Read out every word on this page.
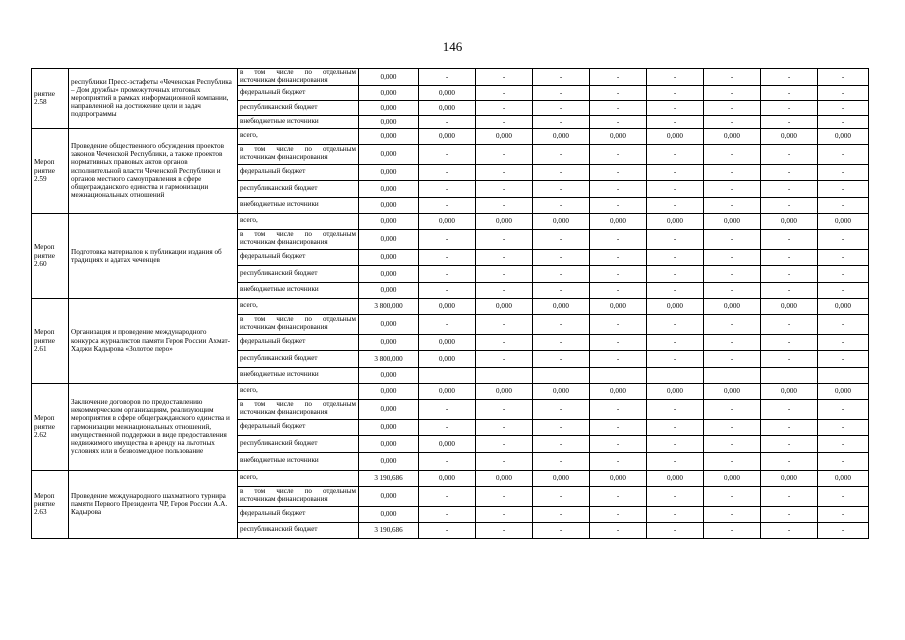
146
риятие 2.58	республики Пресс-эстафеты «Чеченская Республика – Дом дружбы» промежуточных итоговых мероприятий в рамках информационной компании, направленной на достижение цели и задач подпрограммы	в том числе по отдельным источникам финансирования	0,000	-	-	-	-	-	-	-	-
		федеральный бюджет	0,000	0,000	-	-	-	-	-	-	-
		республиканский бюджет	0,000	0,000	-	-	-	-	-	-	-
		внебюджетные источники	0,000	-	-	-	-	-	-	-	-
Мероп риятие 2.59	Проведение общественного обсуждения проектов законов Чеченской Республики, а также проектов нормативных правовых актов органов исполнительной власти Чеченской Республики и органов местного самоуправления в сфере общегражданского единства и гармонизации межнациональных отношений	всего,	0,000	0,000	0,000	0,000	0,000	0,000	0,000	0,000	0,000
		в том числе по отдельным источникам финансирования	0,000	-	-	-	-	-	-	-	-
		федеральный бюджет	0,000	-	-	-	-	-	-	-	-
		республиканский бюджет	0,000	-	-	-	-	-	-	-	-
		внебюджетные источники	0,000	-	-	-	-	-	-	-	-
Мероп риятие 2.60	Подготовка материалов к публикации издания об традициях и адатах чеченцев	всего,	0,000	0,000	0,000	0,000	0,000	0,000	0,000	0,000	0,000
		в том числе по отдельным источникам финансирования	0,000	-	-	-	-	-	-	-	-
		федеральный бюджет	0,000	-	-	-	-	-	-	-	-
		республиканский бюджет	0,000	-	-	-	-	-	-	-	-
		внебюджетные источники	0,000	-	-	-	-	-	-	-	-
Мероп риятие 2.61	Организация и проведение международного конкурса журналистов памяти Героя России Ахмат-Хаджи Кадырова «Золотое перо»	всего,	3 800,000	0,000	0,000	0,000	0,000	0,000	0,000	0,000	0,000
		в том числе по отдельным источникам финансирования	0,000	-	-	-	-	-	-	-	-
		федеральный бюджет	0,000	0,000	-	-	-	-	-	-	-
		республиканский бюджет	3 800,000	0,000	-	-	-	-	-	-	-
		внебюджетные источники	0,000								
Мероп риятие 2.62	Заключение договоров по предоставлению некоммерческим организациям, реализующим мероприятия в сфере общегражданского единства и гармонизации межнациональных отношений, имущественной поддержки в виде предоставления недвижимого имущества в аренду на льготных условиях или в безвозмездное пользование	всего,	0,000	0,000	0,000	0,000	0,000	0,000	0,000	0,000	0,000
		в том числе по отдельным источникам финансирования	0,000	-	-	-	-	-	-	-	-
		федеральный бюджет	0,000	-	-	-	-	-	-	-	-
		республиканский бюджет	0,000	0,000	-	-	-	-	-	-	-
		внебюджетные источники	0,000	-	-	-	-	-	-	-	-
Мероп риятие 2.63	Проведение международного шахматного турнира памяти Первого Президента ЧР, Героя России А.А. Кадырова	всего,	3 190,686	0,000	0,000	0,000	0,000	0,000	0,000	0,000	0,000
		в том числе по отдельным источникам финансирования	0,000	-	-	-	-	-	-	-	-
		федеральный бюджет	0,000	-	-	-	-	-	-	-	-
		республиканский бюджет	3 190,686	-	-	-	-	-	-	-	-
